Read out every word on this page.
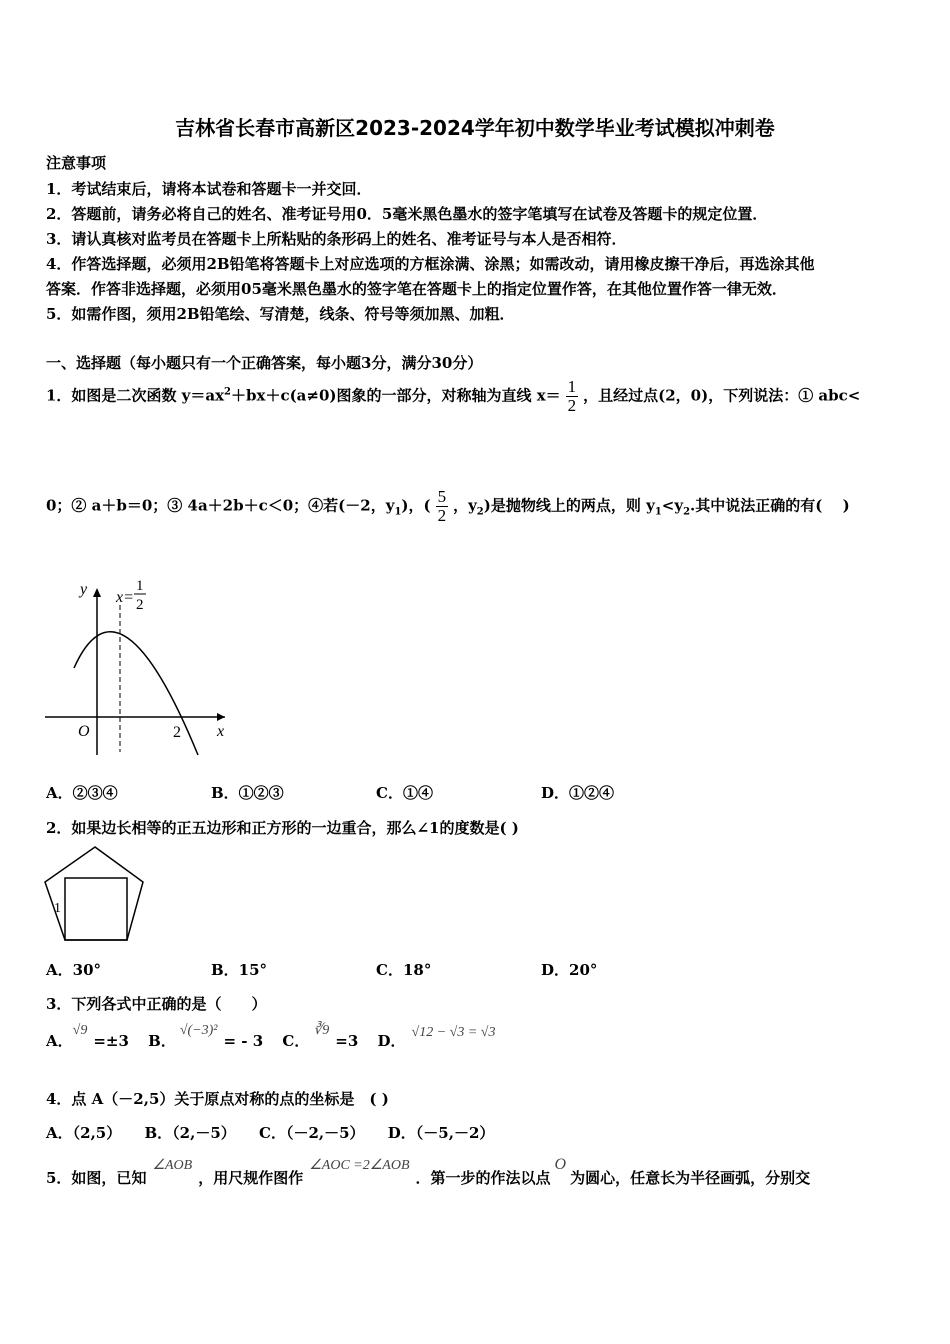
吉林省长春市高新区2023-2024学年初中数学毕业考试模拟冲刺卷
注意事项
1．考试结束后，请将本试卷和答题卡一并交回．
2．答题前，请务必将自己的姓名、准考证号用0．5毫米黑色墨水的签字笔填写在试卷及答题卡的规定位置．
3．请认真核对监考员在答题卡上所粘贴的条形码上的姓名、准考证号与本人是否相符．
4．作答选择题，必须用2B铅笔将答题卡上对应选项的方框涂满、涂黑；如需改动，请用橡皮擦干净后，再选涂其他
答案．作答非选择题，必须用05毫米黑色墨水的签字笔在答题卡上的指定位置作答，在其他位置作答一律无效．
5．如需作图，须用2B铅笔绘、写清楚，线条、符号等须加黑、加粗．
一、选择题（每小题只有一个正确答案，每小题3分，满分30分）
1．如图是二次函数 $y=ax^2+bx+c(a\ne 0)$图象的一部分，对称轴为直线 $x= \frac{1}{2}$ ，且经过点(2，0)，下列说法：① abc<
0；② a＋b＝0；③ 4a＋2b＋c＜0；④若(－2，$y_1$)，( $\frac{5}{2}$ ，$y_2$)是抛物线上的两点，则 $y_1<y_2$.其中说法正确的有(　 )
y
x
O	2
x=
1
2
A．②③④	B．①②③	C．①④	D．①②④
2．如果边长相等的正五边形和正方形的一边重合，那么∠1的度数是( )
1
A．30°	B．15°	C．18°	D．20°
3．下列各式中正确的是（　　）
A．√9=±3 B．√(−3)²= - 3 C．∛9=3 D． √12 − √3 = √3
4．点 A（－2,5）关于原点对称的点的坐标是　( )
A．（2,5） B．（2,－5） C．（－2,－5） D．（－5,－2）
5．如图，已知∠AOB，用尺规作图作∠AOC =2∠AOB．第一步的作法以点O为圆心，任意长为半径画弧，分别交
